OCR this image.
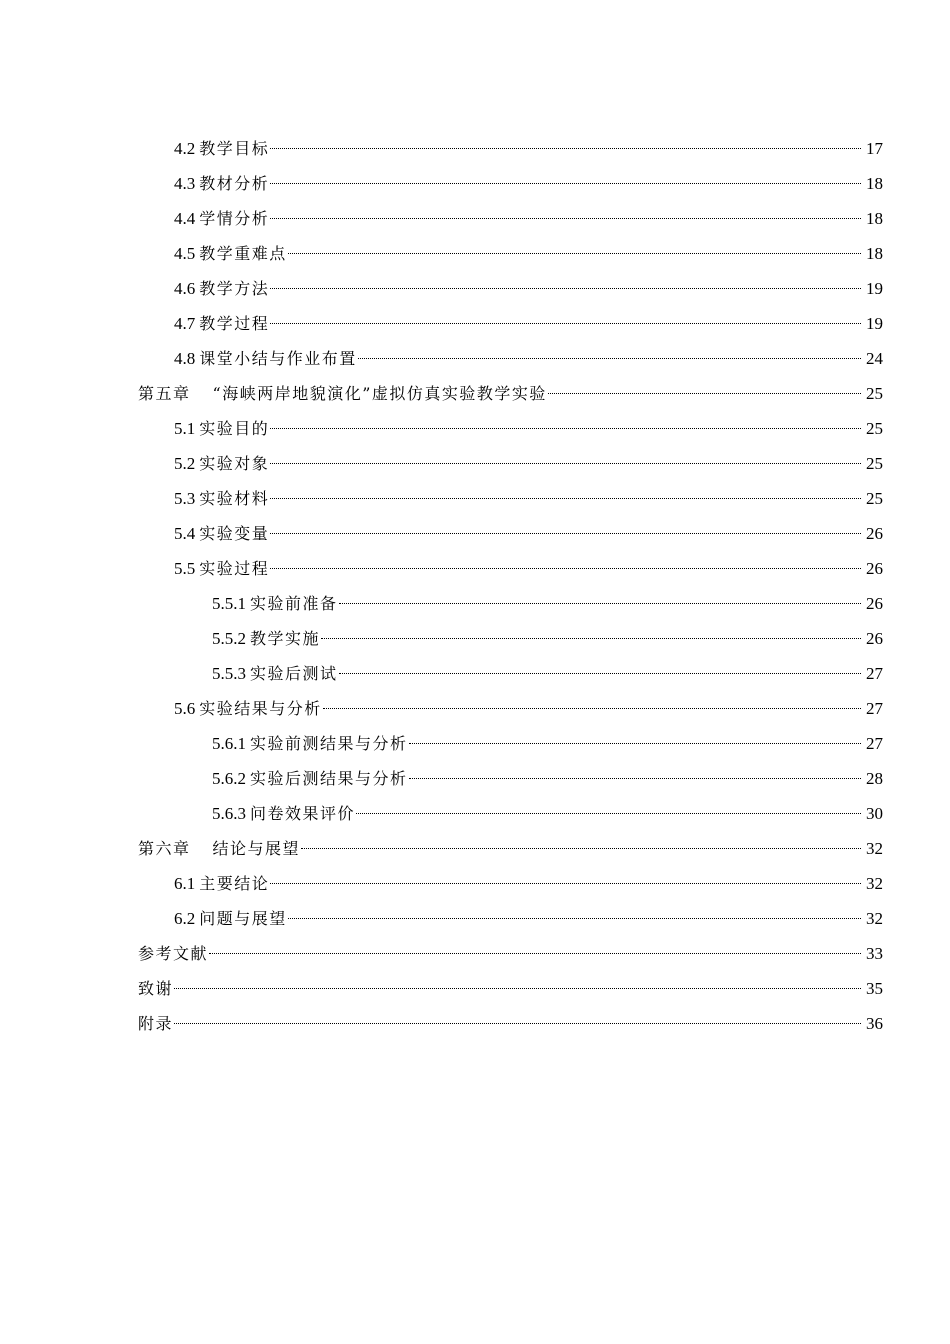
4.2 教学目标	17
4.3 教材分析	18
4.4 学情分析	18
4.5 教学重难点	18
4.6 教学方法	19
4.7 教学过程	19
4.8 课堂小结与作业布置	24
第五章 “海峡两岸地貌演化”虚拟仿真实验教学实验	25
5.1 实验目的	25
5.2 实验对象	25
5.3 实验材料	25
5.4 实验变量	26
5.5 实验过程	26
5.5.1 实验前准备	26
5.5.2 教学实施	26
5.5.3 实验后测试	27
5.6 实验结果与分析	27
5.6.1 实验前测结果与分析	27
5.6.2 实验后测结果与分析	28
5.6.3 问卷效果评价	30
第六章 结论与展望	32
6.1 主要结论	32
6.2 问题与展望	32
参考文献	33
致谢	35
附录	36
